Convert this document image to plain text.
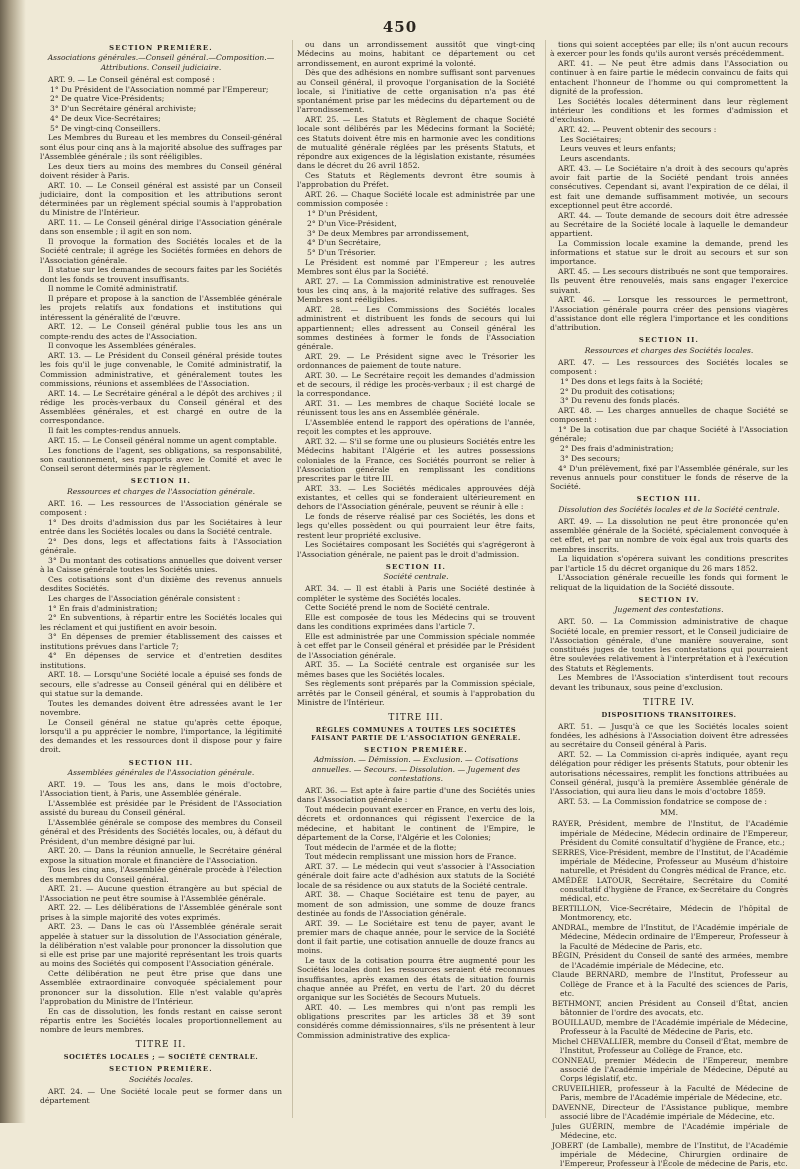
450
SECTION PREMIÈRE.
Associations générales.—Conseil général.—Composition.—Attributions. Conseil judiciaire.

ART. 9. — Le Conseil général est composé :

1° Du Président de l'Association nommé par l'Empereur;

2° De quatre Vice-Présidents;

3° D'un Secrétaire général archiviste;

4° De deux Vice-Secrétaires;

5° De vingt-cinq Conseillers.

Les Membres du Bureau et les membres du Conseil-général sont élus pour cinq ans à la majorité absolue des suffrages par l'Assemblée générale ; ils sont rééligibles.

Les deux tiers au moins des membres du Conseil général doivent résider à Paris.

ART. 10. — Le Conseil général est assisté par un Conseil judiciaire, dont la composition et les attributions seront déterminées par un règlement spécial soumis à l'approbation du Ministre de l'Intérieur.

ART. 11. — Le Conseil général dirige l'Association générale dans son ensemble ; il agit en son nom.

Il provoque la formation des Sociétés locales et de la Société centrale; il agrége les Sociétés formées en dehors de l'Association générale.

Il statue sur les demandes de secours faites par les Sociétés dont les fonds se trouvent insuffisants.

Il nomme le Comité administratif.

Il prépare et propose à la sanction de l'Assemblée générale les projets relatifs aux fondations et institutions qui intéressent la généralité de l'œuvre.

ART. 12. — Le Conseil général publie tous les ans un compte-rendu des actes de l'Association.

Il convoque les Assemblées générales.

ART. 13. — Le Président du Conseil général préside toutes les fois qu'il le juge convenable, le Comité administratif, la Commission administrative, et généralement toutes les commissions, réunions et assemblées de l'Association.

ART. 14. — Le Secrétaire général a le dépôt des archives ; il rédige les procès-verbaux du Conseil général et des Assemblées générales, et est chargé en outre de la correspondance.

Il fait les comptes-rendus annuels.

ART. 15. — Le Conseil général nomme un agent comptable.

Les fonctions de l'agent, ses obligations, sa responsabilité, son cautionnement, ses rapports avec le Comité et avec le Conseil seront déterminés par le règlement.

SECTION II.
Ressources et charges de l'Association générale.

ART. 16. — Les ressources de l'Association générale se composent :

1° Des droits d'admission dus par les Sociétaires à leur entrée dans les Sociétés locales ou dans la Société centrale.

2° Des dons, legs et affectations faits à l'Association générale.

3° Du montant des cotisations annuelles que doivent verser à la Caisse générale toutes les Sociétés unies.

Ces cotisations sont d'un dixième des revenus annuels desdites Sociétés.

Les charges de l'Association générale consistent :

1° En frais d'administration;

2° En subventions, à répartir entre les Sociétés locales qui les réclament et qui justifient en avoir besoin.

3° En dépenses de premier établissement des caisses et institutions prévues dans l'article 7;

4° En dépenses de service et d'entretien desdites institutions.

ART. 18. — Lorsqu'une Société locale a épuisé ses fonds de secours, elle s'adresse au Conseil général qui en délibère et qui statue sur la demande.

Toutes les demandes doivent être adressées avant le 1er novembre.

Le Conseil général ne statue qu'après cette époque, lorsqu'il a pu apprécier le nombre, l'importance, la légitimité des demandes et les ressources dont il dispose pour y faire droit.

SECTION III.
Assemblées générales de l'Association générale.

ART. 19. — Tous les ans, dans le mois d'octobre, l'Association tient, à Paris, une Assemblée générale.

L'Assemblée est présidée par le Président de l'Association assisté du bureau du Conseil général.

L'Assemblée générale se compose des membres du Conseil général et des Présidents des Sociétés locales, ou, à défaut du Président, d'un membre désigné par lui.

ART. 20. — Dans la réunion annuelle, le Secrétaire général expose la situation morale et financière de l'Association.

Tous les cinq ans, l'Assemblée générale procède à l'élection des membres du Conseil général.

ART. 21. — Aucune question étrangère au but spécial de l'Association ne peut être soumise à l'Assemblée générale.

ART. 22. — Les délibérations de l'Assemblée générale sont prises à la simple majorité des votes exprimés.

ART. 23. — Dans le cas où l'Assemblée générale serait appelée à statuer sur la dissolution de l'Association générale, la délibération n'est valable pour prononcer la dissolution que si elle est prise par une majorité représentant les trois quarts au moins des Sociétés qui composent l'Association générale.

Cette délibération ne peut être prise que dans une Assemblée extraordinaire convoquée spécialement pour prononcer sur la dissolution. Elle n'est valable qu'après l'approbation du Ministre de l'Intérieur.

En cas de dissolution, les fonds restant en caisse seront répartis entre les Sociétés locales proportionnellement au nombre de leurs membres.

TITRE II.
SOCIÉTÉS LOCALES ; — SOCIÉTÉ CENTRALE.
SECTION PREMIÈRE.
Sociétés locales.

ART. 24. — Une Société locale peut se former dans un département

ou dans un arrondissement aussitôt que vingt-cinq Médecins au moins, habitant ce département ou cet arrondissement, en auront exprimé la volonté.

Dès que des adhésions en nombre suffisant sont parvenues au Conseil général, il provoque l'organisation de la Société locale, si l'initiative de cette organisation n'a pas été spontanément prise par les médecins du département ou de l'arrondissement.

ART. 25. — Les Statuts et Règlement de chaque Société locale sont délibérés par les Médecins formant la Société; ces Statuts doivent être mis en harmonie avec les conditions de mutualité générale réglées par les présents Statuts, et répondre aux exigences de la législation existante, résumées dans le décret du 26 avril 1852.

Ces Statuts et Règlements devront être soumis à l'approbation du Préfet.

ART. 26. — Chaque Société locale est administrée par une commission composée :

1° D'un Président,

2° D'un Vice-Président,

3° De deux Membres par arrondissement,

4° D'un Secrétaire,

5° D'un Trésorier.

Le Président est nommé par l'Empereur ; les autres Membres sont élus par la Société.

ART. 27. — La Commission administrative est renouvelée tous les cinq ans, à la majorité relative des suffrages. Ses Membres sont rééligibles.

ART. 28. — Les Commissions des Sociétés locales administrent et distribuent les fonds de secours qui lui appartiennent; elles adressent au Conseil général les sommes destinées à former le fonds de l'Association générale.

ART. 29. — Le Président signe avec le Trésorier les ordonnances de paiement de toute nature.

ART. 30. — Le Secrétaire reçoit les demandes d'admission et de secours, il rédige les procès-verbaux ; il est chargé de la correspondance.

ART. 31. — Les membres de chaque Société locale se réunissent tous les ans en Assemblée générale.

L'Assemblée entend le rapport des opérations de l'année, reçoit les comptes et les approuve.

ART. 32. — S'il se forme une ou plusieurs Sociétés entre les Médecins habitant l'Algérie et les autres possessions coloniales de la France, ces Sociétés pourront se relier à l'Association générale en remplissant les conditions prescrites par le titre III.

ART. 33. — Les Sociétés médicales approuvées déjà existantes, et celles qui se fonderaient ultérieurement en dehors de l'Association générale, peuvent se réunir à elle :

Le fonds de réserve réalisé par ces Sociétés, les dons et legs qu'elles possèdent ou qui pourraient leur être faits, restent leur propriété exclusive.

Les Sociétaires composant les Sociétés qui s'agrégeront à l'Association générale, ne paient pas le droit d'admission.

SECTION II.
Société centrale.

ART. 34. — Il est établi à Paris une Société destinée à compléter le système des Sociétés locales.

Cette Société prend le nom de Société centrale.

Elle est composée de tous les Médecins qui se trouvent dans les conditions exprimées dans l'article 7.

Elle est administrée par une Commission spéciale nommée à cet effet par le Conseil général et présidée par le Président de l'Association générale.

ART. 35. — La Société centrale est organisée sur les mêmes bases que les Sociétés locales.

Ses règlements sont préparés par la Commission spéciale, arrêtés par le Conseil général, et soumis à l'approbation du Ministre de l'Intérieur.

TITRE III.
RÈGLES COMMUNES A TOUTES LES SOCIÉTÉS FAISANT PARTIE DE L'ASSOCIATION GÉNÉRALE.
SECTION PREMIÈRE.
Admission. — Démission. — Exclusion. — Cotisations annuelles. — Secours. — Dissolution. — Jugement des contestations.

ART. 36. — Est apte à faire partie d'une des Sociétés unies dans l'Association générale :

Tout médecin pouvant exercer en France, en vertu des lois, décrets et ordonnances qui régissent l'exercice de la médecine, et habitant le continent de l'Empire, le département de la Corse, l'Algérie et les Colonies;

Tout médecin de l'armée et de la flotte;

Tout médecin remplissant une mission hors de France.

ART. 37. — Le médecin qui veut s'associer à l'Association générale doit faire acte d'adhésion aux statuts de la Société locale de sa résidence ou aux statuts de la Société centrale.

ART. 38. — Chaque Sociétaire est tenu de payer, au moment de son admission, une somme de douze francs destinée au fonds de l'Association générale.

ART. 39. — Le Sociétaire est tenu de payer, avant le premier mars de chaque année, pour le service de la Société dont il fait partie, une cotisation annuelle de douze francs au moins.

Le taux de la cotisation pourra être augmenté pour les Sociétés locales dont les ressources seraient été reconnues insuffisantes, après examen des états de situation fournis chaque année au Préfet, en vertu de l'art. 20 du décret organique sur les Sociétés de Secours Mutuels.

ART. 40. — Les membres qui n'ont pas rempli les obligations prescrites par les articles 38 et 39 sont considérés comme démissionnaires, s'ils ne présentent à leur Commission administrative des explica-

tions qui soient acceptées par elle; ils n'ont aucun recours à exercer pour les fonds qu'ils auront versés précédemment.

ART. 41. — Ne peut être admis dans l'Association ou continuer à en faire partie le médecin convaincu de faits qui entachent l'honneur de l'homme ou qui compromettent la dignité de la profession.

Les Sociétés locales déterminent dans leur règlement intérieur les conditions et les formes d'admission et d'exclusion.

ART. 42. — Peuvent obtenir des secours :

Les Sociétaires;

Leurs veuves et leurs enfants;

Leurs ascendants.

ART. 43. — Le Sociétaire n'a droit à des secours qu'après avoir fait partie de la Société pendant trois années consécutives. Cependant si, avant l'expiration de ce délai, il est fait une demande suffisamment motivée, un secours exceptionnel peut être accordé.

ART. 44. — Toute demande de secours doit être adressée au Secrétaire de la Société locale à laquelle le demandeur appartient.

La Commission locale examine la demande, prend les informations et statue sur le droit au secours et sur son importance.

ART. 45. — Les secours distribués ne sont que temporaires. Ils peuvent être renouvelés, mais sans engager l'exercice suivant.

ART. 46. — Lorsque les ressources le permettront, l'Association générale pourra créer des pensions viagères d'assistance dont elle réglera l'importance et les conditions d'attribution.

SECTION II.
Ressources et charges des Sociétés locales.

ART. 47. — Les ressources des Sociétés locales se composent :

1° Des dons et legs faits à la Société;

2° Du produit des cotisations;

3° Du revenu des fonds placés.

ART. 48. — Les charges annuelles de chaque Société se composent :

1° De la cotisation due par chaque Société à l'Association générale;

2° Des frais d'administration;

3° Des secours;

4° D'un prélèvement, fixé par l'Assemblée générale, sur les revenus annuels pour constituer le fonds de réserve de la Société.

SECTION III.
Dissolution des Sociétés locales et de la Société centrale.

ART. 49. — La dissolution ne peut être prononcée qu'en assemblée générale de la Société, spécialement convoquée à cet effet, et par un nombre de voix égal aux trois quarts des membres inscrits.

La liquidation s'opérera suivant les conditions prescrites par l'article 15 du décret organique du 26 mars 1852.

L'Association générale recueille les fonds qui forment le reliquat de la liquidation de la Société dissoute.

SECTION IV.
Jugement des contestations.

ART. 50. — La Commission administrative de chaque Société locale, en premier ressort, et le Conseil judiciaire de l'Association générale, d'une manière souveraine, sont constitués juges de toutes les contestations qui pourraient être soulevées relativement à l'interprétation et à l'exécution des Statuts et Règlements.

Les Membres de l'Association s'interdisent tout recours devant les tribunaux, sous peine d'exclusion.

TITRE IV.
DISPOSITIONS TRANSITOIRES.

ART. 51. — Jusqu'à ce que les Sociétés locales soient fondées, les adhésions à l'Association doivent être adressées au secrétaire du Conseil général à Paris.

ART. 52. — La Commission ci-après indiquée, ayant reçu délégation pour rédiger les présents Statuts, pour obtenir les autorisations nécessaires, remplit les fonctions attribuées au Conseil général, jusqu'à la première Assemblée générale de l'Association, qui aura lieu dans le mois d'octobre 1859.

ART. 53. — La Commission fondatrice se compose de :

MM.

RAYER, Président, membre de l'Institut, de l'Académie impériale de Médecine, Médecin ordinaire de l'Empereur, Président du Comité consultatif d'hygiène de France, etc.;

SERRES, Vice-Président, membre de l'Institut, de l'Académie impériale de Médecine, Professeur au Muséum d'histoire naturelle, et Président du Congrès médical de France, etc.

AMÉDÉE LATOUR, Secrétaire, Secrétaire du Comité consultatif d'hygiène de France, ex-Secrétaire du Congrès médical, etc.

BERTILLON, Vice-Secrétaire, Médecin de l'hôpital de Montmorency, etc.

ANDRAL, membre de l'Institut, de l'Académie impériale de Médecine, Médecin ordinaire de l'Empereur, Professeur à la Faculté de Médecine de Paris, etc.

BÉGIN, Président du Conseil de santé des armées, membre de l'Académie impériale de Médecine, etc.

Claude BERNARD, membre de l'Institut, Professeur au Collège de France et à la Faculté des sciences de Paris, etc.

BETHMONT, ancien Président au Conseil d'État, ancien bâtonnier de l'ordre des avocats, etc.

BOUILLAUD, membre de l'Académie impériale de Médecine, Professeur à la Faculté de Médecine de Paris, etc.

Michel CHEVALLIER, membre du Conseil d'État, membre de l'Institut, Professeur au Collège de France, etc.

CONNEAU, premier Médecin de l'Empereur, membre associé de l'Académie impériale de Médecine, Député au Corps législatif, etc.

CRUVEILHIER, professeur à la Faculté de Médecine de Paris, membre de l'Académie impériale de Médecine, etc.

DAVENNE, Directeur de l'Assistance publique, membre associé libre de l'Académie impériale de Médecine, etc.

Jules GUÉRIN, membre de l'Académie impériale de Médecine, etc.

JOBERT (de Lamballe), membre de l'Institut, de l'Académie impériale de Médecine, Chirurgien ordinaire de l'Empereur, Professeur à l'École de médecine de Paris, etc.
